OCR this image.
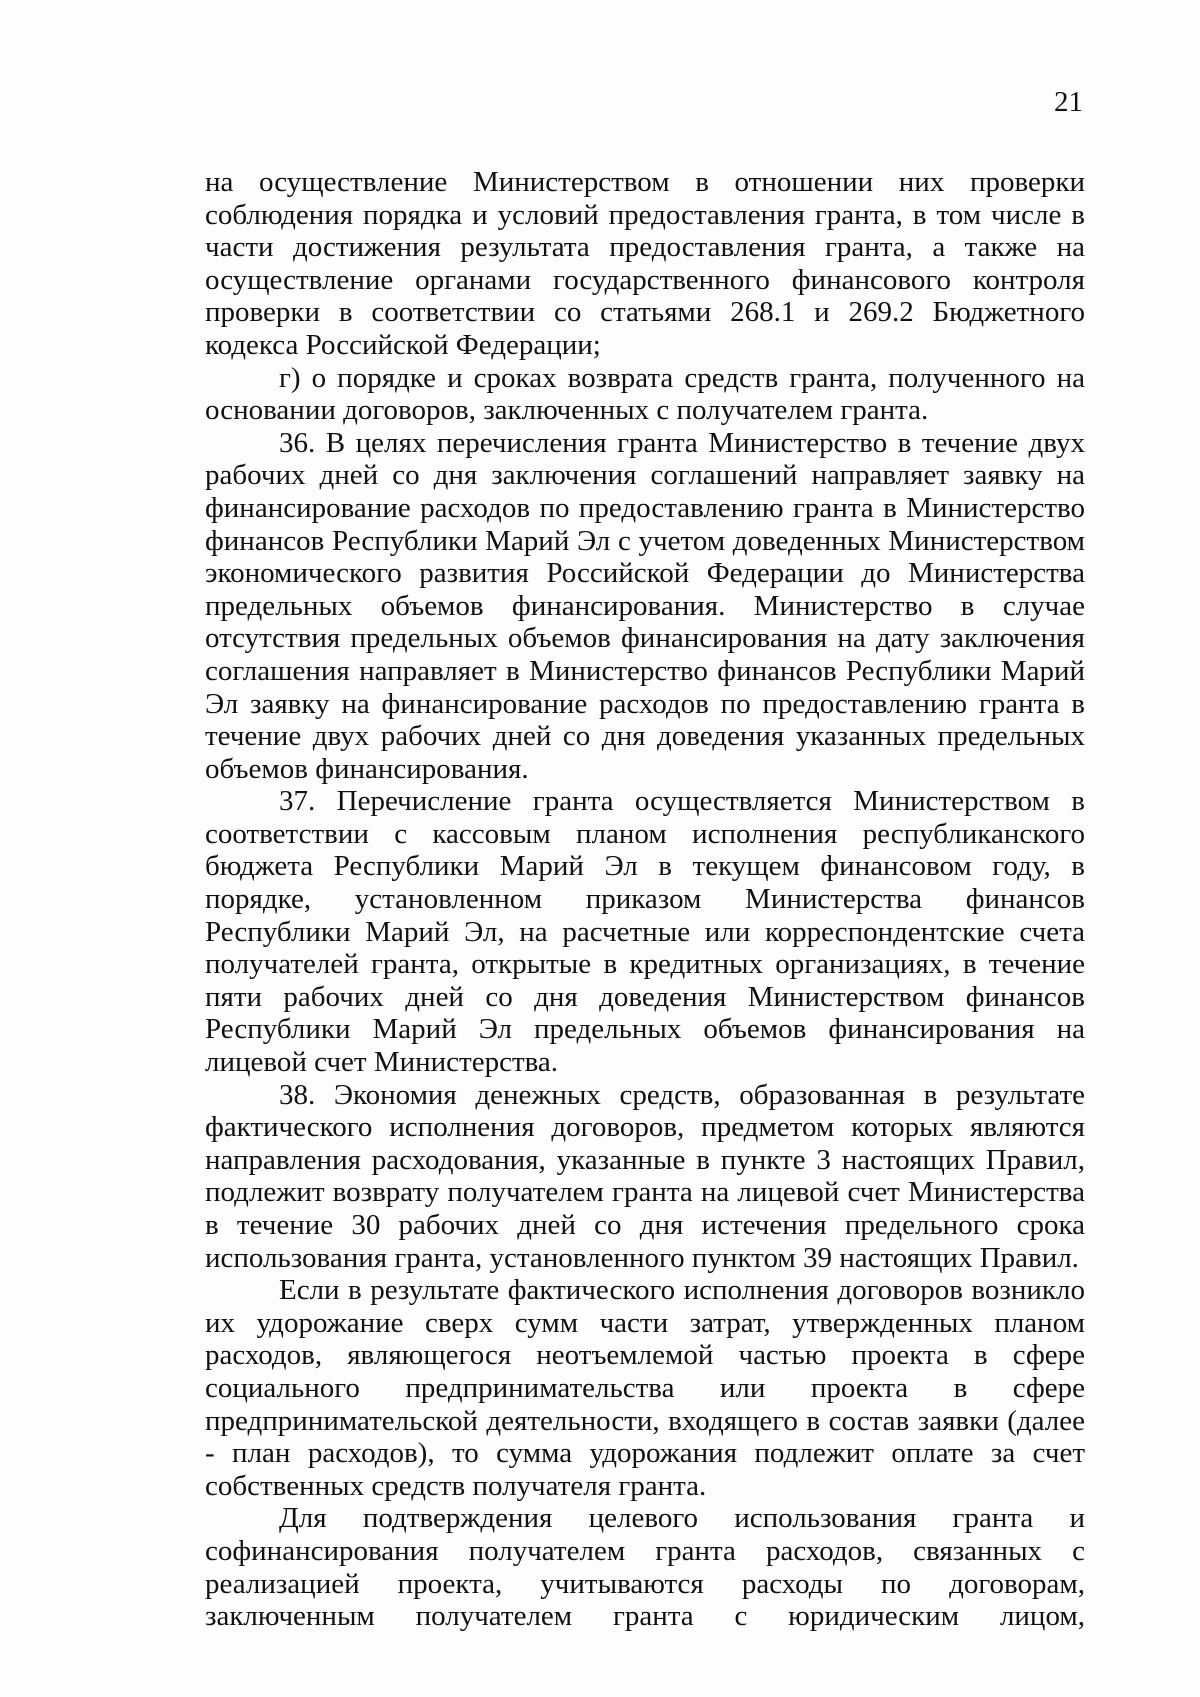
21

на осуществление Министерством в отношении них проверки соблюдения порядка и условий предоставления гранта, в том числе в части достижения результата предоставления гранта, а также на осуществление органами государственного финансового контроля проверки в соответствии со статьями 268.1 и 269.2 Бюджетного кодекса Российской Федерации;

г) о порядке и сроках возврата средств гранта, полученного на основании договоров, заключенных с получателем гранта.

36. В целях перечисления гранта Министерство в течение двух рабочих дней со дня заключения соглашений направляет заявку на финансирование расходов по предоставлению гранта в Министерство финансов Республики Марий Эл с учетом доведенных Министерством экономического развития Российской Федерации до Министерства предельных объемов финансирования. Министерство в случае отсутствия предельных объемов финансирования на дату заключения соглашения направляет в Министерство финансов Республики Марий Эл заявку на финансирование расходов по предоставлению гранта в течение двух рабочих дней со дня доведения указанных предельных объемов финансирования.

37. Перечисление гранта осуществляется Министерством в соответствии с кассовым планом исполнения республиканского бюджета Республики Марий Эл в текущем финансовом году, в порядке, установленном приказом Министерства финансов Республики Марий Эл, на расчетные или корреспондентские счета получателей гранта, открытые в кредитных организациях, в течение пяти рабочих дней со дня доведения Министерством финансов Республики Марий Эл предельных объемов финансирования на лицевой счет Министерства.

38. Экономия денежных средств, образованная в результате фактического исполнения договоров, предметом которых являются направления расходования, указанные в пункте 3 настоящих Правил, подлежит возврату получателем гранта на лицевой счет Министерства в течение 30 рабочих дней со дня истечения предельного срока использования гранта, установленного пунктом 39 настоящих Правил.

Если в результате фактического исполнения договоров возникло их удорожание сверх сумм части затрат, утвержденных планом расходов, являющегося неотъемлемой частью проекта в сфере социального предпринимательства или проекта в сфере предпринимательской деятельности, входящего в состав заявки (далее - план расходов), то сумма удорожания подлежит оплате за счет собственных средств получателя гранта.

Для подтверждения целевого использования гранта и софинансирования получателем гранта расходов, связанных с реализацией проекта, учитываются расходы по договорам, заключенным получателем гранта с юридическим лицом,
